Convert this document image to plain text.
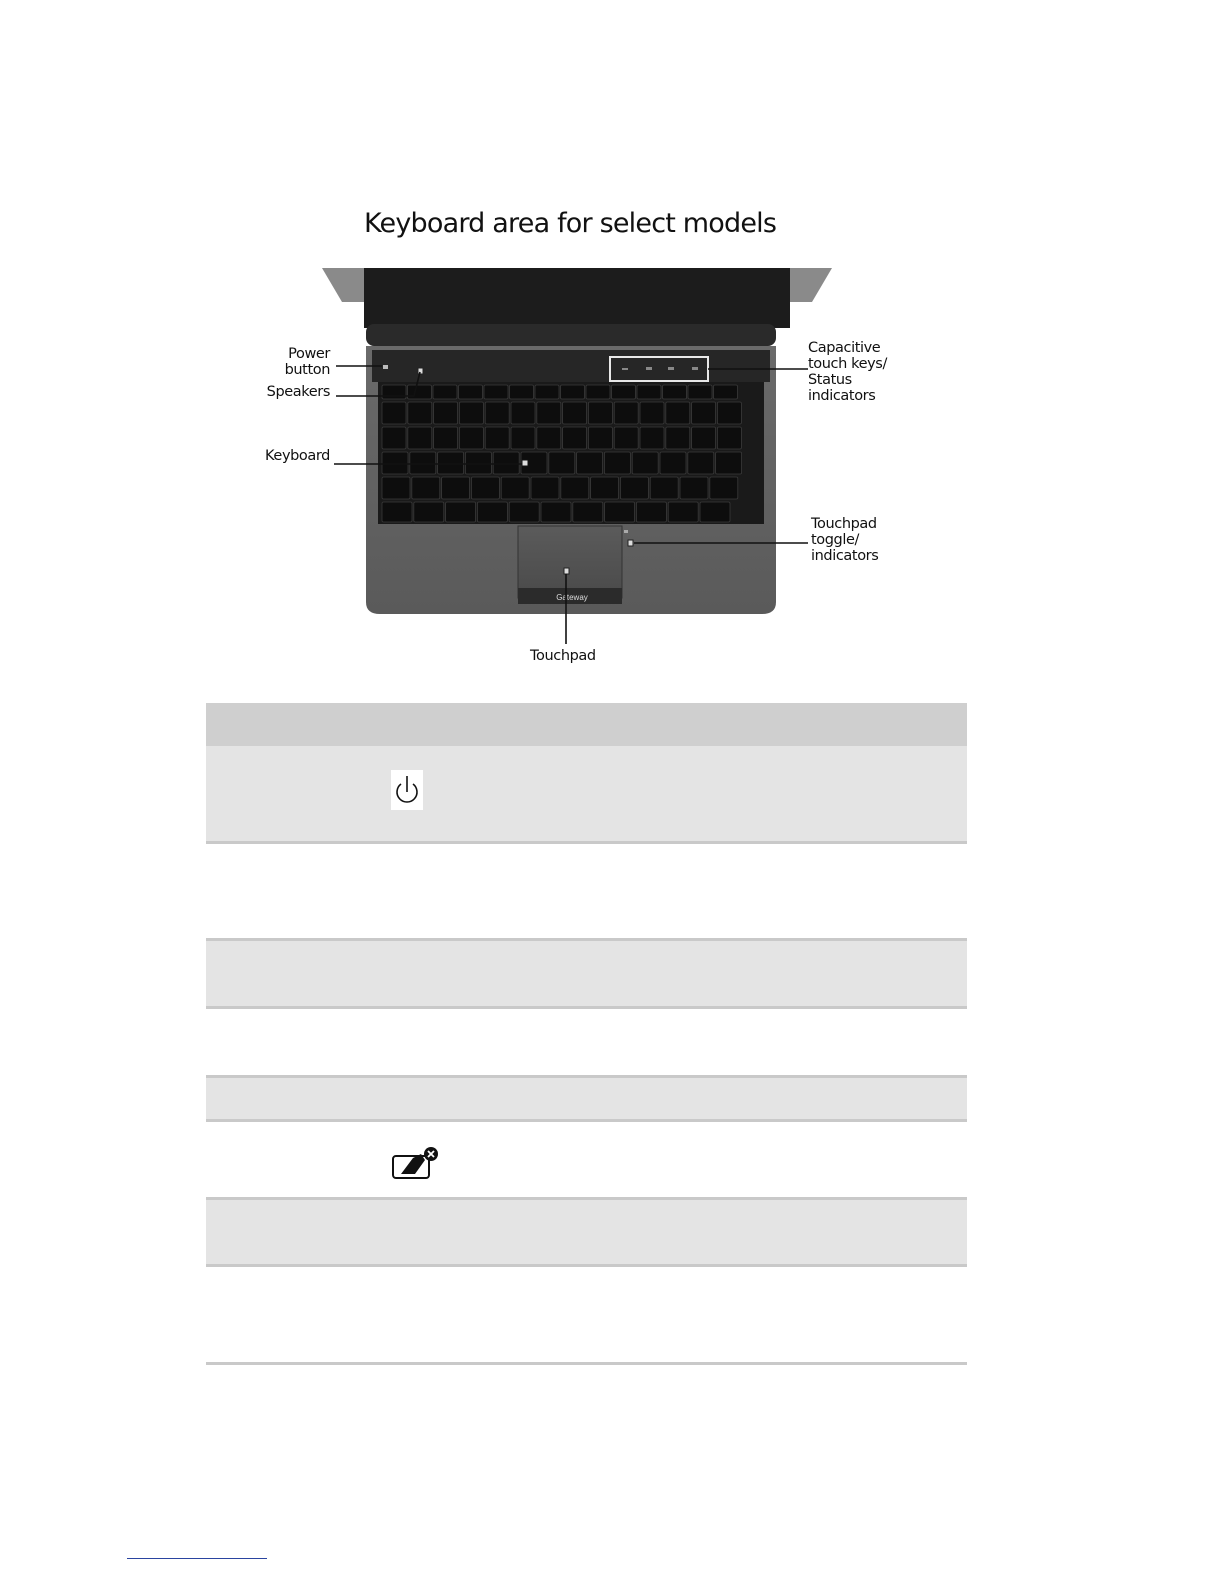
Keyboard area for select models
Gateway
Power
button
Speakers
Keyboard
Capacitive
touch keys/
Status
indicators
Touchpad
toggle/
indicators
Touchpad
